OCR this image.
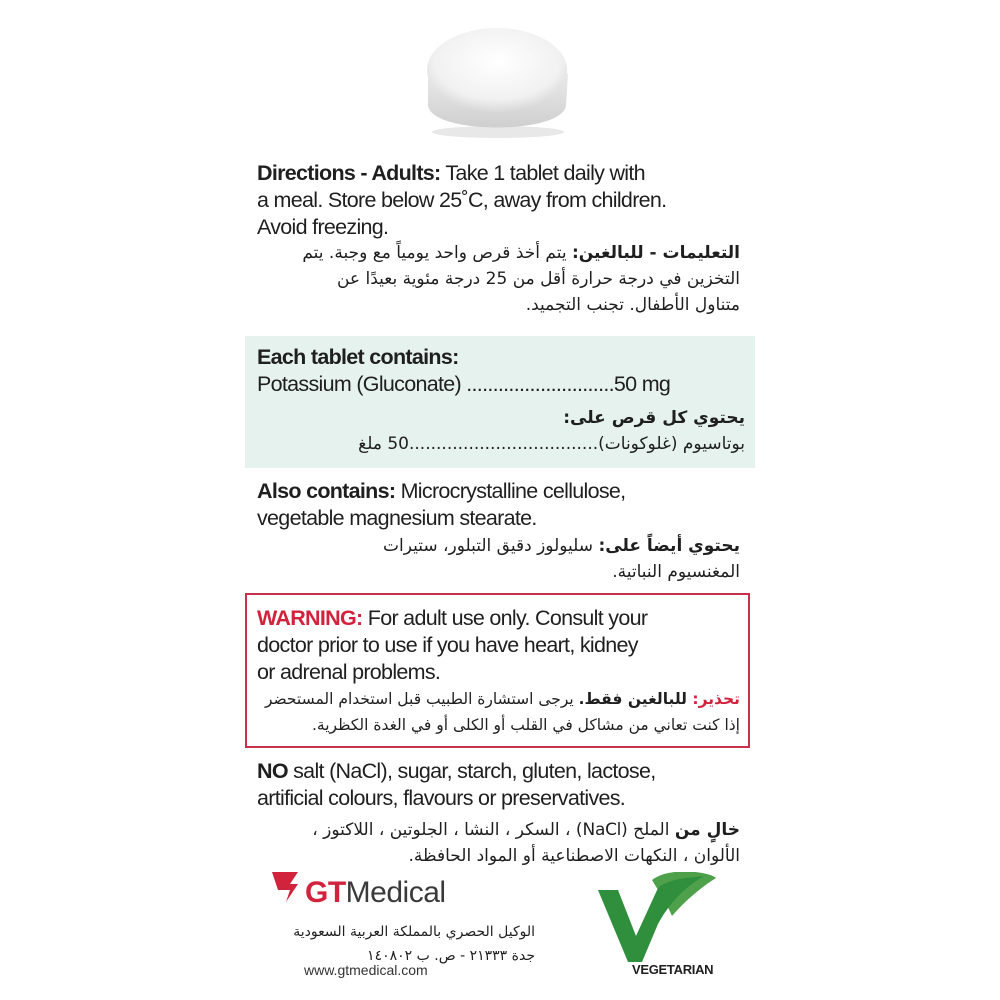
Directions - Adults: Take 1 tablet daily with
a meal. Store below 25˚C, away from children.
Avoid freezing.
التعليمات - للبالغين: يتم أخذ قرص واحد يومياً مع وجبة. يتم
التخزين في درجة حرارة أقل من 25 درجة مئوية بعيدًا عن
متناول الأطفال. تجنب التجميد.
Each tablet contains:
Potassium (Gluconate) ............................50 mg
يحتوي كل قرص على:
بوتاسيوم (غلوكونات)...................................50 ملغ
Also contains: Microcrystalline cellulose,
vegetable magnesium stearate.
يحتوي أيضاً على: سليولوز دقيق التبلور، ستيرات
المغنسيوم النباتية.
WARNING: For adult use only. Consult your
doctor prior to use if you have heart, kidney
or adrenal problems.
تحذير: للبالغين فقط. يرجى استشارة الطبيب قبل استخدام المستحضر
إذا كنت تعاني من مشاكل في القلب أو الكلى أو في الغدة الكظرية.
NO salt (NaCl), sugar, starch, gluten, lactose,
artificial colours, flavours or preservatives.
خالٍ من الملح (NaCl) ، السكر ، النشا ، الجلوتين ، اللاكتوز ،
الألوان ، النكهات الاصطناعية أو المواد الحافظة.
GTMedical
الوكيل الحصري بالمملكة العربية السعودية
جدة ٢١٣٣٣ - ص. ب ١٤٠٨٠٢
www.gtmedical.com	VEGETARIAN
